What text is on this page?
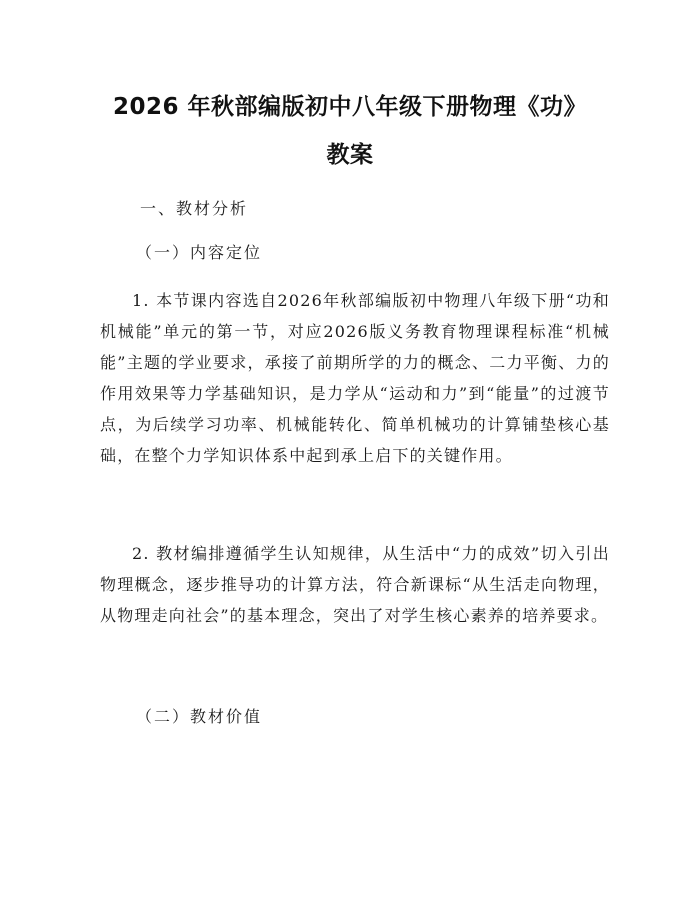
2026 年秋部编版初中八年级下册物理《功》
教案
一、教材分析
（一）内容定位

1. 本节课内容选自2026年秋部编版初中物理八年级下册“功和机械能”单元的第一节，对应2026版义务教育物理课程标准“机械能”主题的学业要求，承接了前期所学的力的概念、二力平衡、力的作用效果等力学基础知识，是力学从“运动和力”到“能量”的过渡节点，为后续学习功率、机械能转化、简单机械功的计算铺垫核心基础，在整个力学知识体系中起到承上启下的关键作用。

2. 教材编排遵循学生认知规律，从生活中“力的成效”切入引出物理概念，逐步推导功的计算方法，符合新课标“从生活走向物理，从物理走向社会”的基本理念，突出了对学生核心素养的培养要求。

（二）教材价值
